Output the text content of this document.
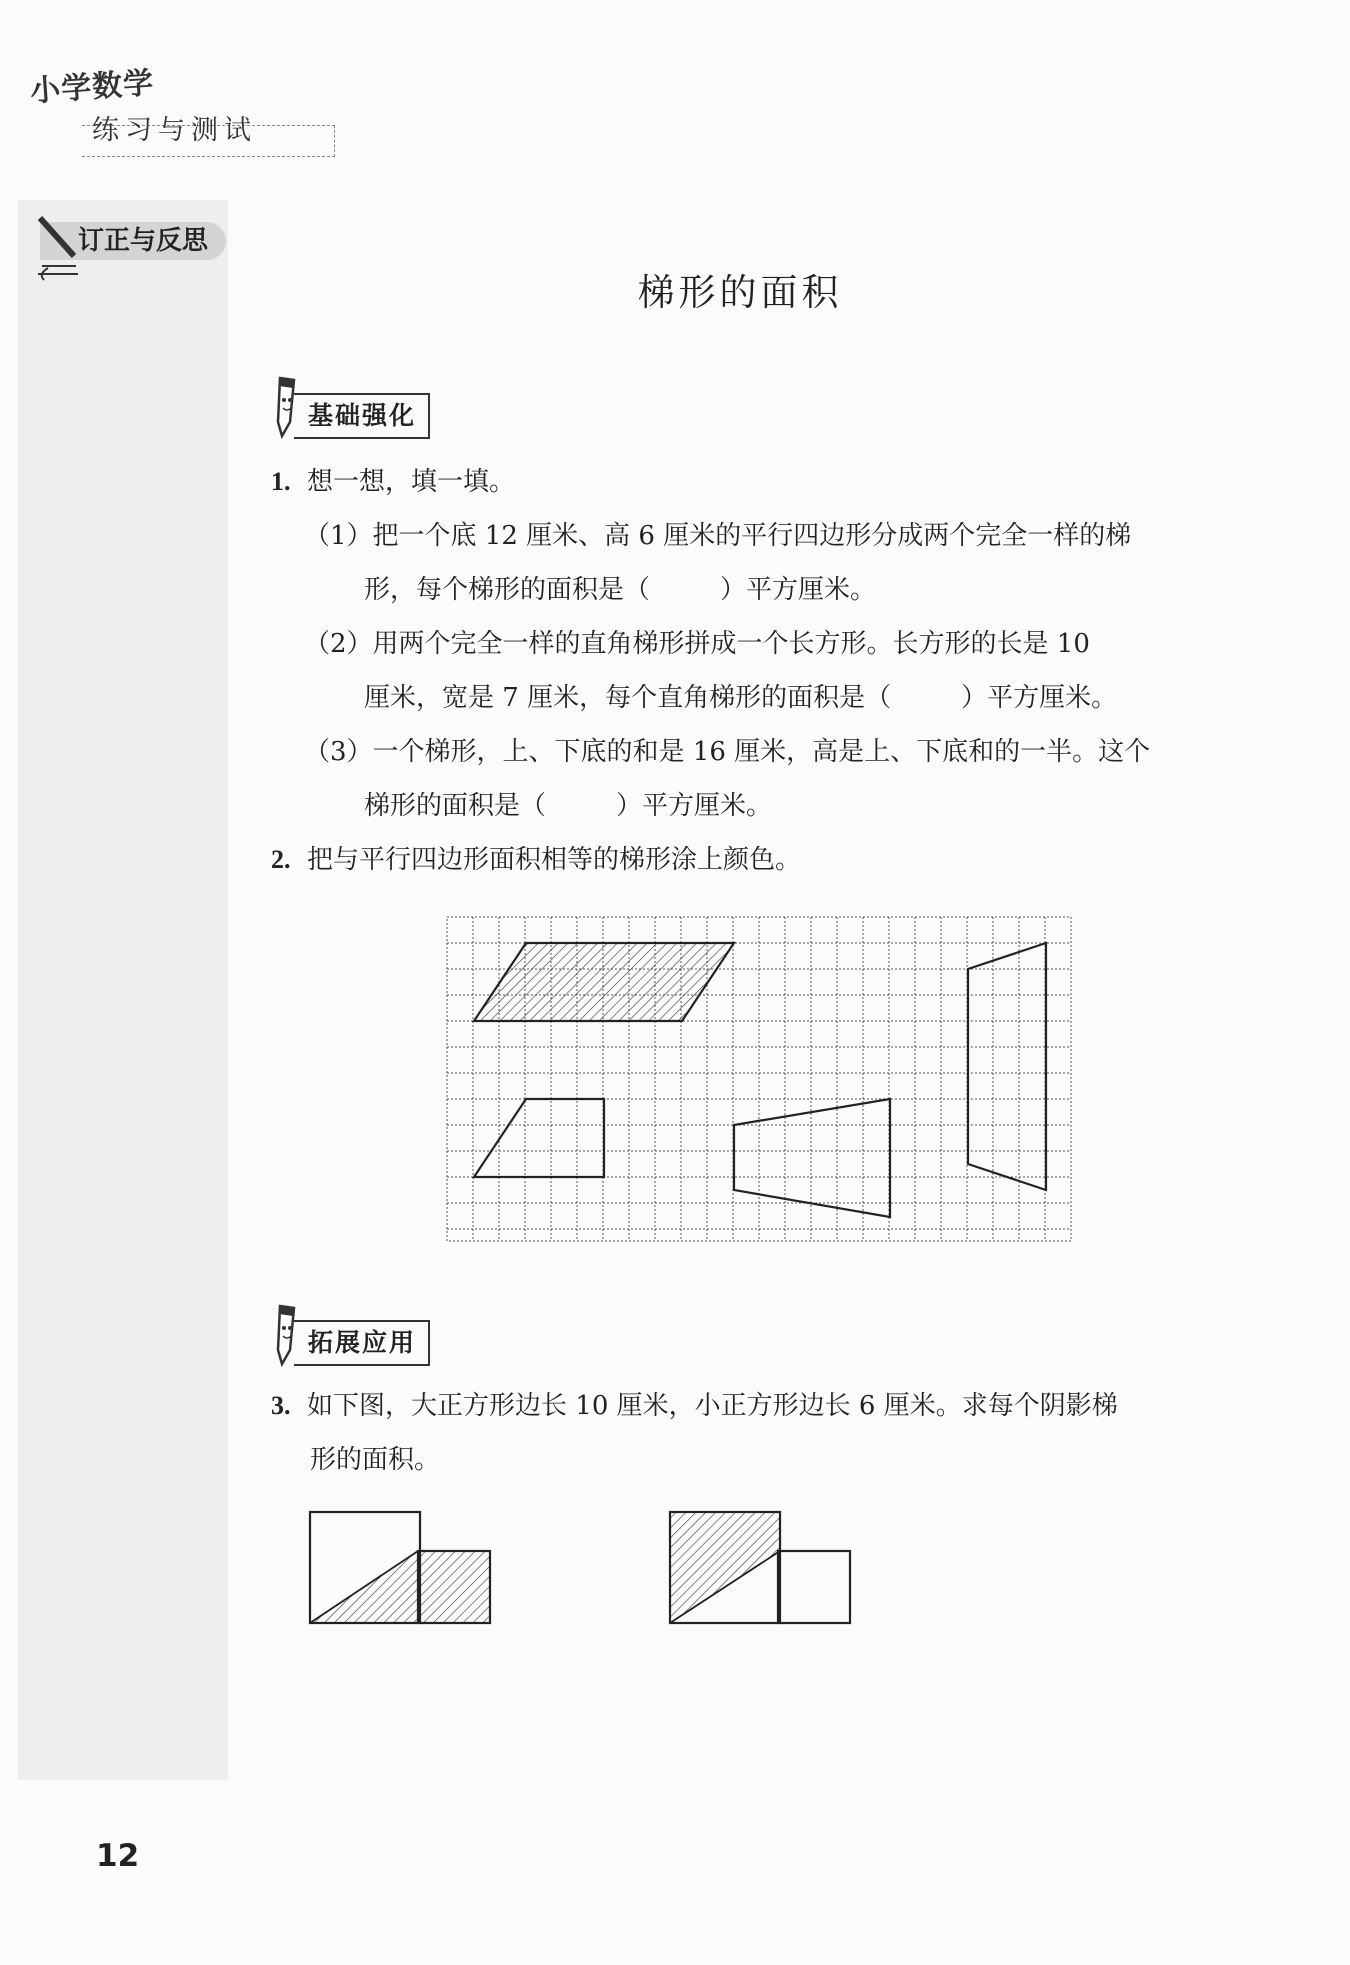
小学数学
练习与测试
订正与反思
梯形的面积
基础强化
1. 想一想，填一填。
（1）把一个底 12 厘米、高 6 厘米的平行四边形分成两个完全一样的梯
形，每个梯形的面积是（	）平方厘米。
（2）用两个完全一样的直角梯形拼成一个长方形。长方形的长是 10
厘米，宽是 7 厘米，每个直角梯形的面积是（	）平方厘米。
（3）一个梯形，上、下底的和是 16 厘米，高是上、下底和的一半。这个
梯形的面积是（	）平方厘米。
2. 把与平行四边形面积相等的梯形涂上颜色。
拓展应用
3. 如下图，大正方形边长 10 厘米，小正方形边长 6 厘米。求每个阴影梯
形的面积。
12
